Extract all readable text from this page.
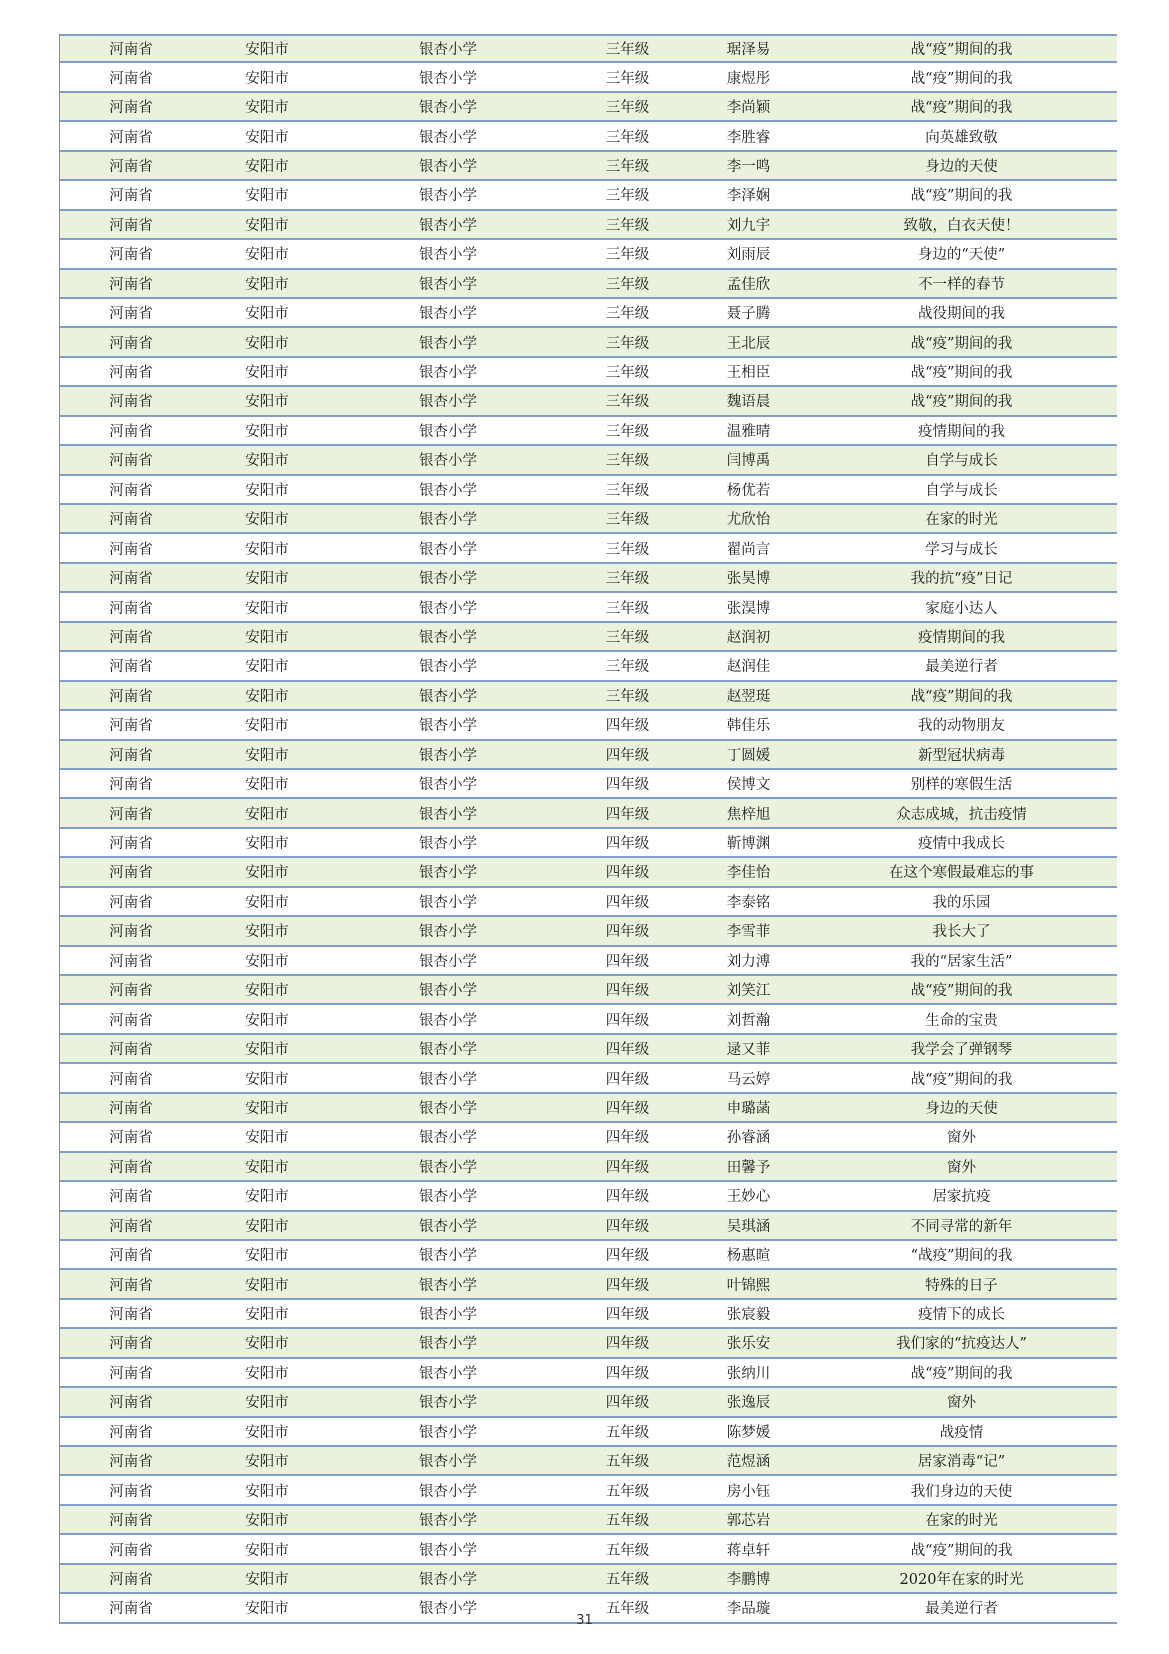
河南省	安阳市	银杏小学	三年级	琚泽易	战“疫”期间的我
河南省	安阳市	银杏小学	三年级	康煜彤	战“疫”期间的我
河南省	安阳市	银杏小学	三年级	李尚颖	战“疫”期间的我
河南省	安阳市	银杏小学	三年级	李胜睿	向英雄致敬
河南省	安阳市	银杏小学	三年级	李一鸣	身边的天使
河南省	安阳市	银杏小学	三年级	李泽娴	战“疫”期间的我
河南省	安阳市	银杏小学	三年级	刘九宇	致敬，白衣天使！
河南省	安阳市	银杏小学	三年级	刘雨辰	身边的“天使”
河南省	安阳市	银杏小学	三年级	孟佳欣	不一样的春节
河南省	安阳市	银杏小学	三年级	聂子腾	战役期间的我
河南省	安阳市	银杏小学	三年级	王北辰	战“疫”期间的我
河南省	安阳市	银杏小学	三年级	王相臣	战“疫”期间的我
河南省	安阳市	银杏小学	三年级	魏语晨	战“疫”期间的我
河南省	安阳市	银杏小学	三年级	温雅晴	疫情期间的我
河南省	安阳市	银杏小学	三年级	闫博禹	自学与成长
河南省	安阳市	银杏小学	三年级	杨优若	自学与成长
河南省	安阳市	银杏小学	三年级	尤欣怡	在家的时光
河南省	安阳市	银杏小学	三年级	翟尚言	学习与成长
河南省	安阳市	银杏小学	三年级	张昊博	我的抗“疫”日记
河南省	安阳市	银杏小学	三年级	张淏博	家庭小达人
河南省	安阳市	银杏小学	三年级	赵润初	疫情期间的我
河南省	安阳市	银杏小学	三年级	赵润佳	最美逆行者
河南省	安阳市	银杏小学	三年级	赵翌珽	战“疫”期间的我
河南省	安阳市	银杏小学	四年级	韩佳乐	我的动物朋友
河南省	安阳市	银杏小学	四年级	丁圆媛	新型冠状病毒
河南省	安阳市	银杏小学	四年级	侯博文	别样的寒假生活
河南省	安阳市	银杏小学	四年级	焦梓旭	众志成城，抗击疫情
河南省	安阳市	银杏小学	四年级	靳博渊	疫情中我成长
河南省	安阳市	银杏小学	四年级	李佳怡	在这个寒假最难忘的事
河南省	安阳市	银杏小学	四年级	李泰铭	我的乐园
河南省	安阳市	银杏小学	四年级	李雪菲	我长大了
河南省	安阳市	银杏小学	四年级	刘力溥	我的“居家生活”
河南省	安阳市	银杏小学	四年级	刘笑江	战“疫”期间的我
河南省	安阳市	银杏小学	四年级	刘哲瀚	生命的宝贵
河南省	安阳市	银杏小学	四年级	逯又菲	我学会了弹钢琴
河南省	安阳市	银杏小学	四年级	马云婷	战“疫”期间的我
河南省	安阳市	银杏小学	四年级	申璐菡	身边的天使
河南省	安阳市	银杏小学	四年级	孙睿涵	窗外
河南省	安阳市	银杏小学	四年级	田馨予	窗外
河南省	安阳市	银杏小学	四年级	王妙心	居家抗疫
河南省	安阳市	银杏小学	四年级	吴琪涵	不同寻常的新年
河南省	安阳市	银杏小学	四年级	杨惠暄	“战疫”期间的我
河南省	安阳市	银杏小学	四年级	叶锦熙	特殊的日子
河南省	安阳市	银杏小学	四年级	张宸毅	疫情下的成长
河南省	安阳市	银杏小学	四年级	张乐安	我们家的“抗疫达人”
河南省	安阳市	银杏小学	四年级	张纳川	战“疫”期间的我
河南省	安阳市	银杏小学	四年级	张逸辰	窗外
河南省	安阳市	银杏小学	五年级	陈梦媛	战疫情
河南省	安阳市	银杏小学	五年级	范煜涵	居家消毒“记”
河南省	安阳市	银杏小学	五年级	房小钰	我们身边的天使
河南省	安阳市	银杏小学	五年级	郭芯岩	在家的时光
河南省	安阳市	银杏小学	五年级	蒋卓轩	战“疫”期间的我
河南省	安阳市	银杏小学	五年级	李鹏博	2020年在家的时光
河南省	安阳市	银杏小学	五年级	李品璇	最美逆行者
31
